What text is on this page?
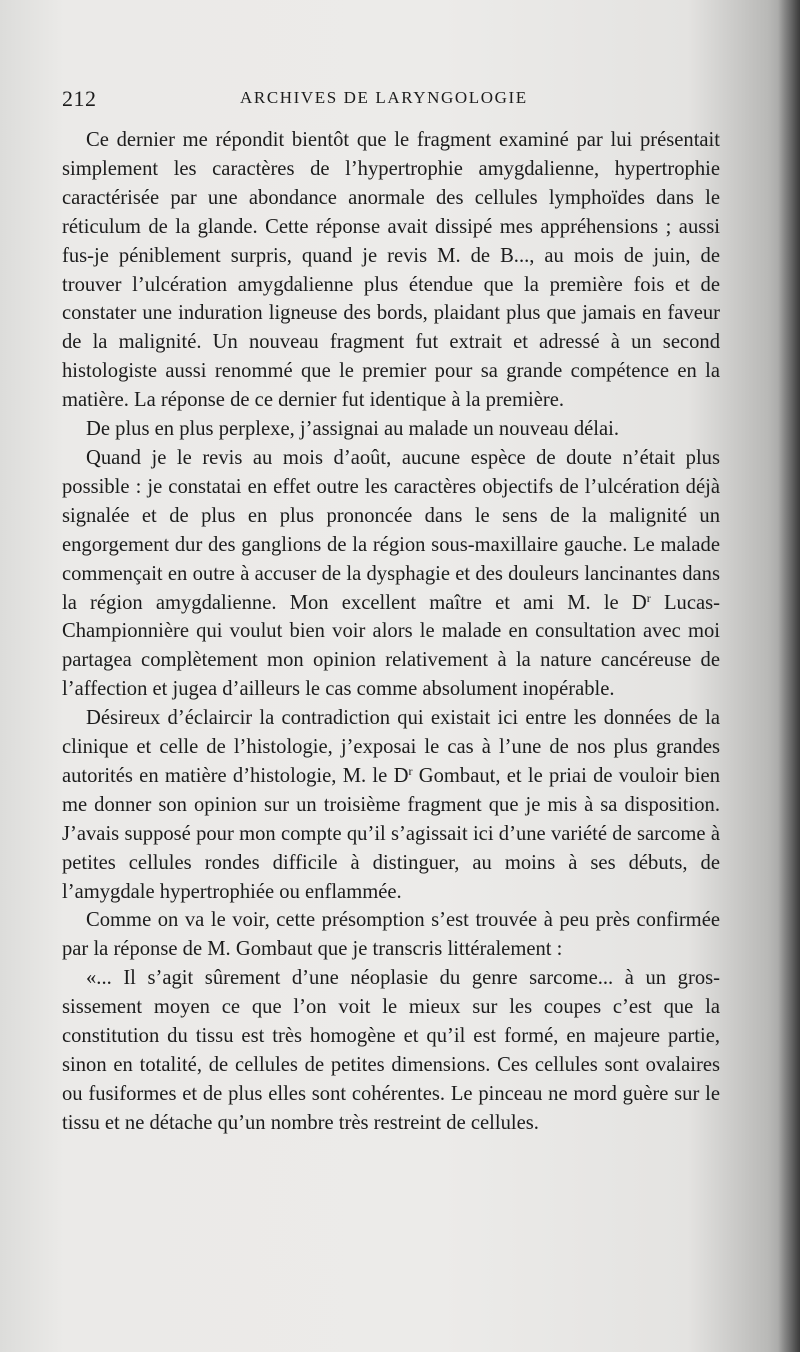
212	ARCHIVES DE LARYNGOLOGIE

Ce dernier me répondit bientôt que le fragment examiné par lui présentait simplement les caractères de l’hypertrophie amygdalienne, hypertrophie caractérisée par une abondance anormale des cellules lymphoïdes dans le réticulum de la glande. Cette réponse avait dissipé mes appréhensions ; aussi fus-je péniblement surpris, quand je revis M. de B..., au mois de juin, de trouver l’ulcération amygdalienne plus étendue que la première fois et de constater une induration ligneuse des bords, plaidant plus que jamais en faveur de la malignité. Un nouveau fragment fut extrait et adressé à un second histologiste aussi renommé que le premier pour sa grande compétence en la matière. La réponse de ce dernier fut identique à la première.

De plus en plus perplexe, j’assignai au malade un nouveau délai.

Quand je le revis au mois d’août, aucune espèce de doute n’était plus possible : je constatai en effet outre les caractères objectifs de l’ulcération déjà signalée et de plus en plus prononcée dans le sens de la malignité un engorgement dur des ganglions de la région sous-maxillaire gauche. Le malade commençait en outre à accuser de la dysphagie et des douleurs lancinantes dans la région amygdalienne. Mon excellent maître et ami M. le $D^r$ Lucas-Championnière qui voulut bien voir alors le malade en consultation avec moi partagea complètement mon opinion relativement à la nature cancéreuse de l’affection et jugea d’ailleurs le cas comme absolument inopérable.

Désireux d’éclaircir la contradiction qui existait ici entre les données de la clinique et celle de l’histologie, j’exposai le cas à l’une de nos plus grandes autorités en matière d’histologie, M. le $D^r$ Gombaut, et le priai de vouloir bien me donner son opinion sur un troisième fragment que je mis à sa disposition. J’avais supposé pour mon compte qu’il s’agissait ici d’une variété de sarcome à petites cellules rondes difficile à distinguer, au moins à ses débuts, de l’amygdale hypertrophiée ou enflammée.

Comme on va le voir, cette présomption s’est trouvée à peu près confirmée par la réponse de M. Gombaut que je transcris littéralement :

«... Il s’agit sûrement d’une néoplasie du genre sarcome... à un grossissement moyen ce que l’on voit le mieux sur les coupes c’est que la constitution du tissu est très homogène et qu’il est formé, en majeure partie, sinon en totalité, de cellules de petites dimensions. Ces cellules sont ovalaires ou fusiformes et de plus elles sont cohérentes. Le pinceau ne mord guère sur le tissu et ne détache qu’un nombre très restreint de cellules.
